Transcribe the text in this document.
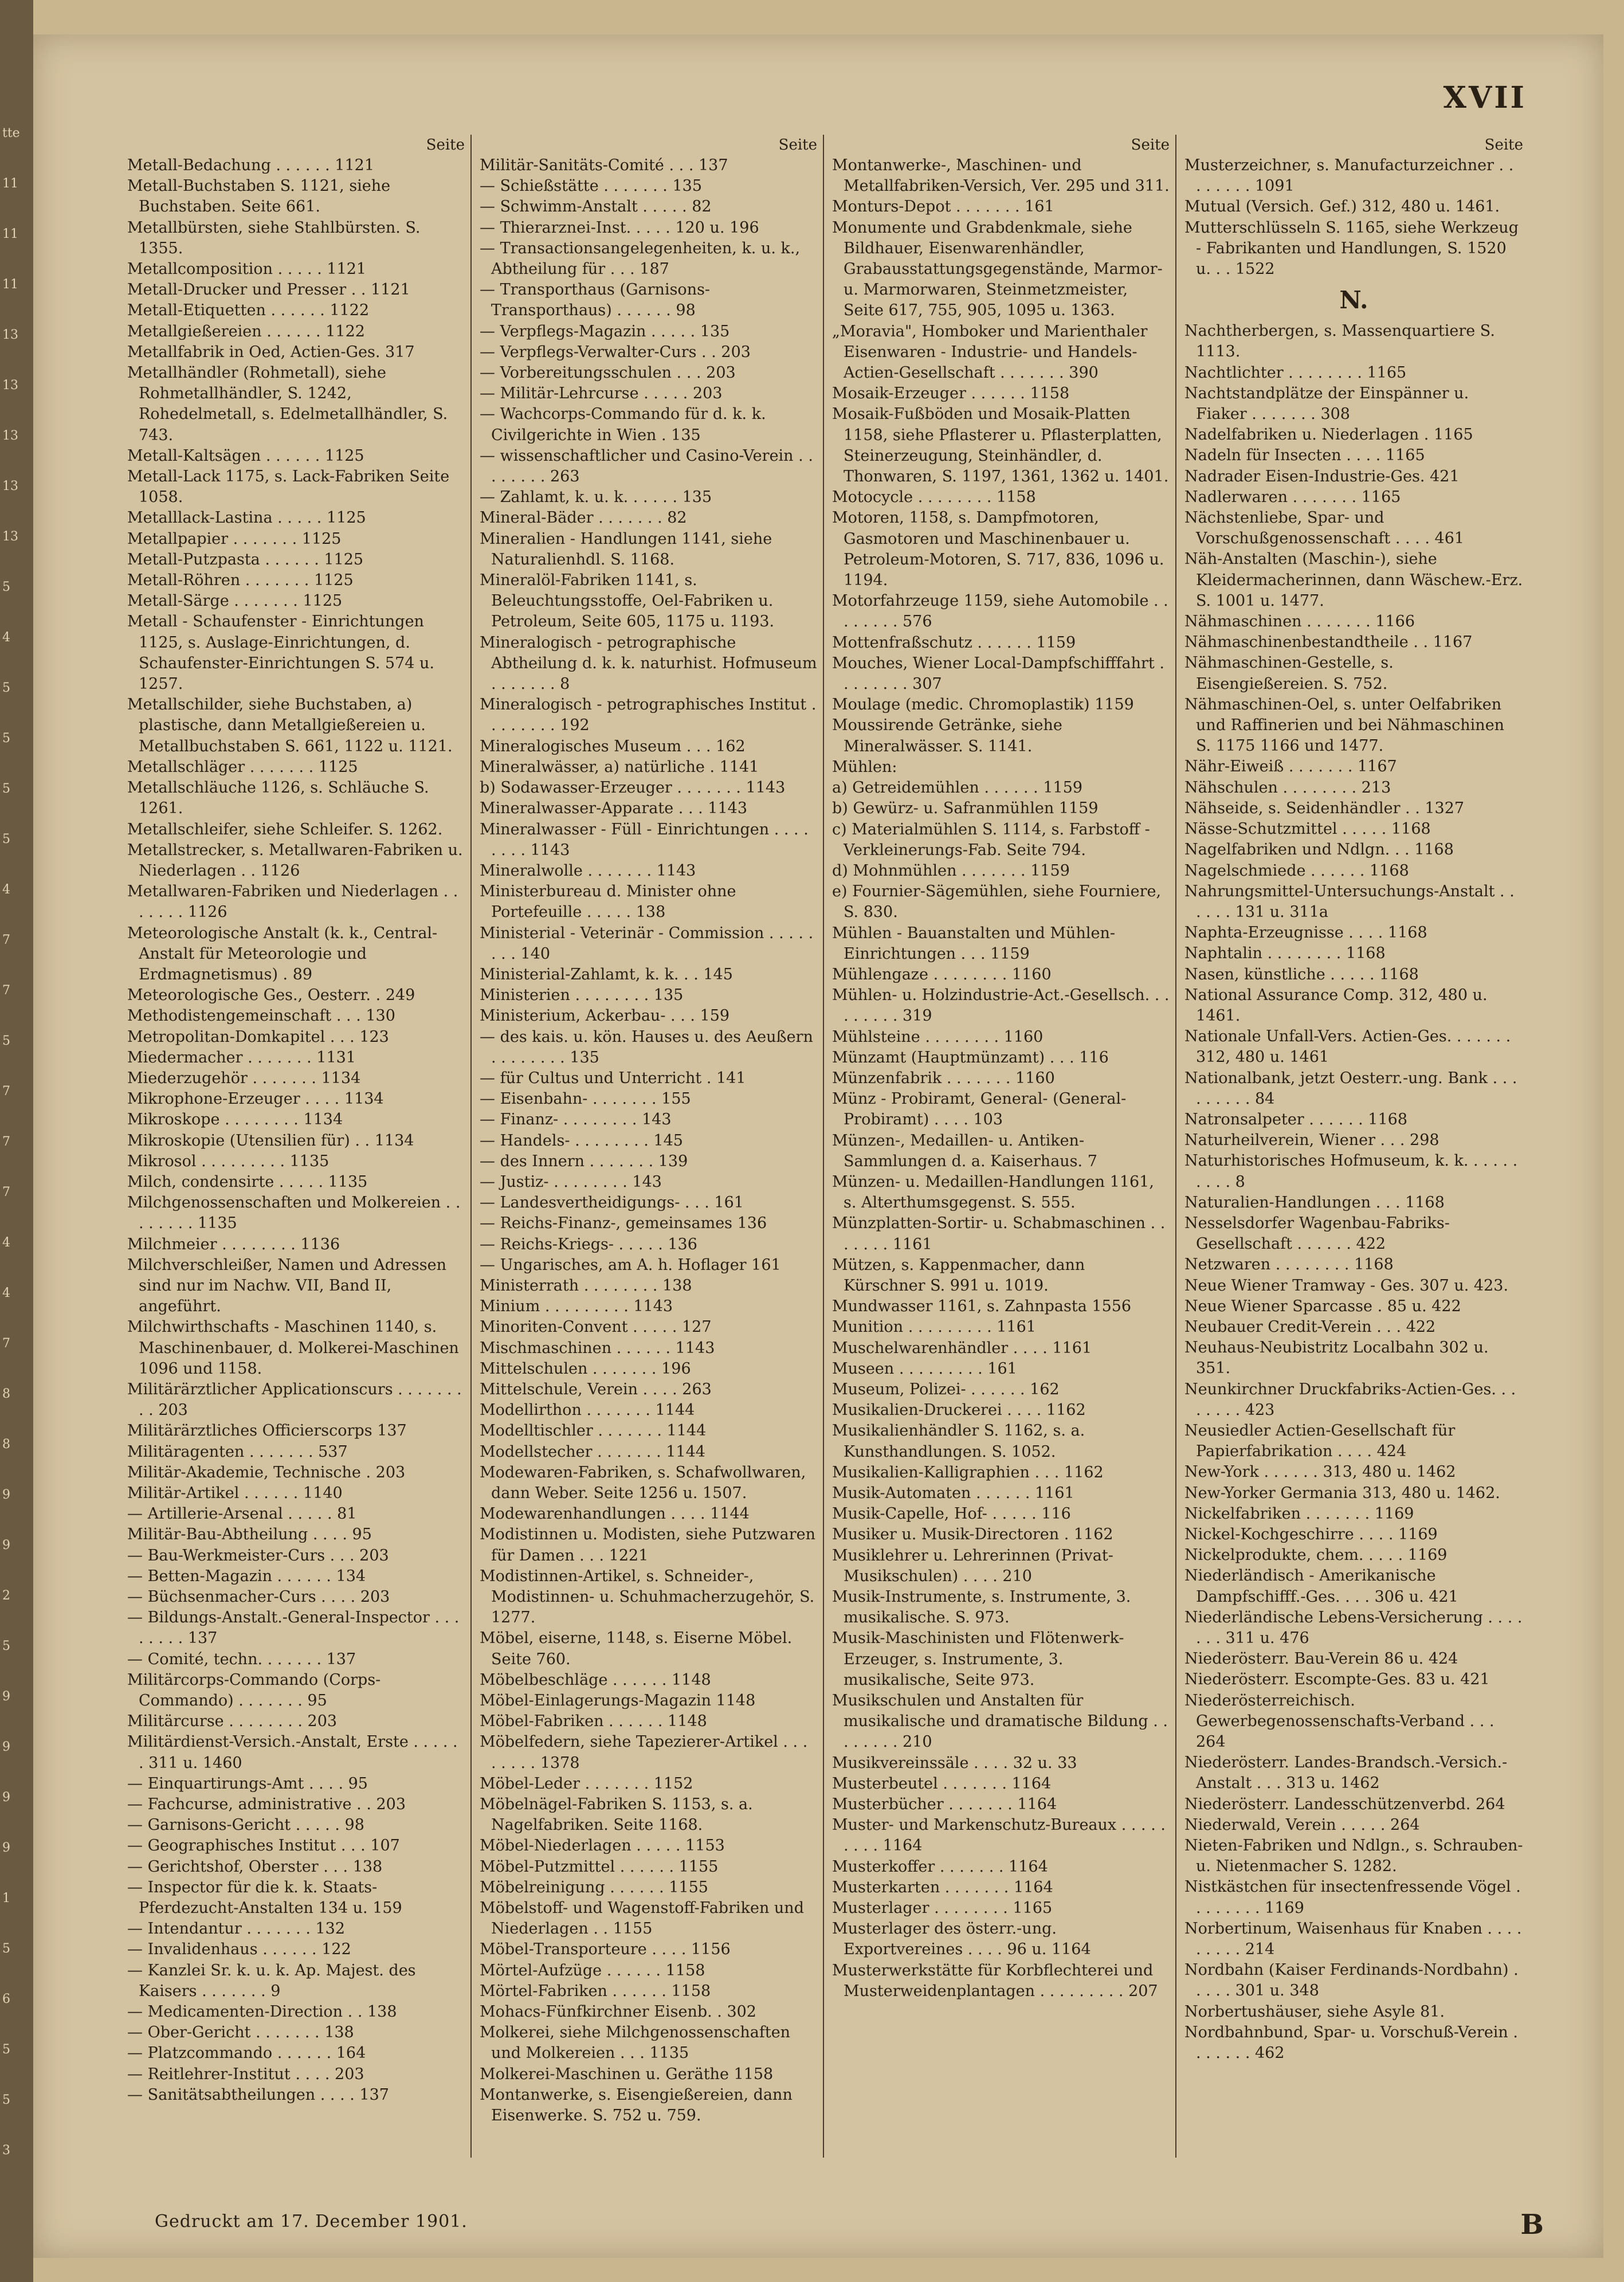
tte
11
11
11
13
13
13
13
13
5
4
5
5
5
5
4
7
7
5
7
7
7
4
4
7
8
8
9
9
2
5
9
9
9
9
1
5
6
5
5
3
XVII
Seite
Metall-Bedachung . . . . . . 1121
Metall-Buchstaben S. 1121, siehe Buchstaben. Seite 661.
Metallbürsten, siehe Stahlbürsten. S. 1355.
Metallcomposition . . . . . 1121
Metall-Drucker und Presser . . 1121
Metall-Etiquetten . . . . . . 1122
Metallgießereien . . . . . . 1122
Metallfabrik in Oed, Actien-Ges. 317
Metallhändler (Rohmetall), siehe Rohmetallhändler, S. 1242, Rohedelmetall, s. Edelmetallhändler, S. 743.
Metall-Kaltsägen . . . . . . 1125
Metall-Lack 1175, s. Lack-Fabriken Seite 1058.
Metalllack-Lastina . . . . . 1125
Metallpapier . . . . . . . 1125
Metall-Putzpasta . . . . . . 1125
Metall-Röhren . . . . . . . 1125
Metall-Särge . . . . . . . 1125
Metall - Schaufenster - Einrichtungen 1125, s. Auslage-Einrichtungen, d. Schaufenster-Einrichtungen S. 574 u. 1257.
Metallschilder, siehe Buchstaben, a) plastische, dann Metallgießereien u. Metallbuchstaben S. 661, 1122 u. 1121.
Metallschläger . . . . . . . 1125
Metallschläuche 1126, s. Schläuche S. 1261.
Metallschleifer, siehe Schleifer. S. 1262.
Metallstrecker, s. Metallwaren-Fabriken u. Niederlagen . . 1126
Metallwaren-Fabriken und Niederlagen . . . . . . . 1126
Meteorologische Anstalt (k. k., Central-Anstalt für Meteorologie und Erdmagnetismus) . 89
Meteorologische Ges., Oesterr. . 249
Methodistengemeinschaft . . . 130
Metropolitan-Domkapitel . . . 123
Miedermacher . . . . . . . 1131
Miederzugehör . . . . . . . 1134
Mikrophone-Erzeuger . . . . 1134
Mikroskope . . . . . . . . 1134
Mikroskopie (Utensilien für) . . 1134
Mikrosol . . . . . . . . . 1135
Milch, condensirte . . . . . 1135
Milchgenossenschaften und Molkereien . . . . . . . . 1135
Milchmeier . . . . . . . . 1136
Milchverschleißer, Namen und Adressen sind nur im Nachw. VII, Band II, angeführt.
Milchwirthschafts - Maschinen 1140, s. Maschinenbauer, d. Molkerei-Maschinen 1096 und 1158.
Militärärztlicher Applicationscurs . . . . . . . . . 203
Militärärztliches Officierscorps 137
Militäragenten . . . . . . . 537
Militär-Akademie, Technische . 203
Militär-Artikel . . . . . . 1140
— Artillerie-Arsenal . . . . . 81
Militär-Bau-Abtheilung . . . . 95
— Bau-Werkmeister-Curs . . . 203
— Betten-Magazin . . . . . . 134
— Büchsenmacher-Curs . . . . 203
— Bildungs-Anstalt.-General-Inspector . . . . . . . . 137
— Comité, techn. . . . . . . 137
Militärcorps-Commando (Corps-Commando) . . . . . . . 95
Militärcurse . . . . . . . . 203
Militärdienst-Versich.-Anstalt, Erste . . . . . . 311 u. 1460
— Einquartirungs-Amt . . . . 95
— Fachcurse, administrative . . 203
— Garnisons-Gericht . . . . . 98
— Geographisches Institut . . . 107
— Gerichtshof, Oberster . . . 138
— Inspector für die k. k. Staats-Pferdezucht-Anstalten 134 u. 159
— Intendantur . . . . . . . 132
— Invalidenhaus . . . . . . 122
— Kanzlei Sr. k. u. k. Ap. Majest. des Kaisers . . . . . . . 9
— Medicamenten-Direction . . 138
— Ober-Gericht . . . . . . . 138
— Platzcommando . . . . . . 164
— Reitlehrer-Institut . . . . 203
— Sanitätsabtheilungen . . . . 137
Seite
Militär-Sanitäts-Comité . . . 137
— Schießstätte . . . . . . . 135
— Schwimm-Anstalt . . . . . 82
— Thierarznei-Inst. . . . . 120 u. 196
— Transactionsangelegenheiten, k. u. k., Abtheilung für . . . 187
— Transporthaus (Garnisons-Transporthaus) . . . . . . 98
— Verpflegs-Magazin . . . . . 135
— Verpflegs-Verwalter-Curs . . 203
— Vorbereitungsschulen . . . 203
— Militär-Lehrcurse . . . . . 203
— Wachcorps-Commando für d. k. k. Civilgerichte in Wien . 135
— wissenschaftlicher und Casino-Verein . . . . . . . . 263
— Zahlamt, k. u. k. . . . . . 135
Mineral-Bäder . . . . . . . 82
Mineralien - Handlungen 1141, siehe Naturalienhdl. S. 1168.
Mineralöl-Fabriken 1141, s. Beleuchtungsstoffe, Oel-Fabriken u. Petroleum, Seite 605, 1175 u. 1193.
Mineralogisch - petrographische Abtheilung d. k. k. naturhist. Hofmuseum . . . . . . . 8
Mineralogisch - petrographisches Institut . . . . . . . . 192
Mineralogisches Museum . . . 162
Mineralwässer, a) natürliche . 1141
b) Sodawasser-Erzeuger . . . . . . . 1143
Mineralwasser-Apparate . . . 1143
Mineralwasser - Füll - Einrichtungen . . . . . . . . 1143
Mineralwolle . . . . . . . 1143
Ministerbureau d. Minister ohne Portefeuille . . . . . 138
Ministerial - Veterinär - Commission . . . . . . . . 140
Ministerial-Zahlamt, k. k. . . 145
Ministerien . . . . . . . . 135
Ministerium, Ackerbau- . . . 159
— des kais. u. kön. Hauses u. des Aeußern . . . . . . . . 135
— für Cultus und Unterricht . 141
— Eisenbahn- . . . . . . . 155
— Finanz- . . . . . . . . 143
— Handels- . . . . . . . . 145
— des Innern . . . . . . . 139
— Justiz- . . . . . . . . 143
— Landesvertheidigungs- . . . 161
— Reichs-Finanz-, gemeinsames 136
— Reichs-Kriegs- . . . . . 136
— Ungarisches, am A. h. Hoflager 161
Ministerrath . . . . . . . . 138
Minium . . . . . . . . . 1143
Minoriten-Convent . . . . . 127
Mischmaschinen . . . . . . 1143
Mittelschulen . . . . . . . 196
Mittelschule, Verein . . . . 263
Modellirthon . . . . . . . 1144
Modelltischler . . . . . . . 1144
Modellstecher . . . . . . . 1144
Modewaren-Fabriken, s. Schafwollwaren, dann Weber. Seite 1256 u. 1507.
Modewarenhandlungen . . . . 1144
Modistinnen u. Modisten, siehe Putzwaren für Damen . . . 1221
Modistinnen-Artikel, s. Schneider-, Modistinnen- u. Schuhmacherzugehör, S. 1277.
Möbel, eiserne, 1148, s. Eiserne Möbel. Seite 760.
Möbelbeschläge . . . . . . 1148
Möbel-Einlagerungs-Magazin 1148
Möbel-Fabriken . . . . . . 1148
Möbelfedern, siehe Tapezierer-Artikel . . . . . . . . 1378
Möbel-Leder . . . . . . . 1152
Möbelnägel-Fabriken S. 1153, s. a. Nagelfabriken. Seite 1168.
Möbel-Niederlagen . . . . . 1153
Möbel-Putzmittel . . . . . . 1155
Möbelreinigung . . . . . . 1155
Möbelstoff- und Wagenstoff-Fabriken und Niederlagen . . 1155
Möbel-Transporteure . . . . 1156
Mörtel-Aufzüge . . . . . . 1158
Mörtel-Fabriken . . . . . . 1158
Mohacs-Fünfkirchner Eisenb. . 302
Molkerei, siehe Milchgenossenschaften und Molkereien . . . 1135
Molkerei-Maschinen u. Geräthe 1158
Montanwerke, s. Eisengießereien, dann Eisenwerke. S. 752 u. 759.
Seite
Montanwerke-, Maschinen- und Metallfabriken-Versich, Ver. 295 und 311.
Monturs-Depot . . . . . . . 161
Monumente und Grabdenkmale, siehe Bildhauer, Eisenwarenhändler, Grabausstattungsgegenstände, Marmor- u. Marmorwaren, Steinmetzmeister, Seite 617, 755, 905, 1095 u. 1363.
„Moravia", Homboker und Marienthaler Eisenwaren - Industrie- und Handels-Actien-Gesellschaft . . . . . . . 390
Mosaik-Erzeuger . . . . . . 1158
Mosaik-Fußböden und Mosaik-Platten 1158, siehe Pflasterer u. Pflasterplatten, Steinerzeugung, Steinhändler, d. Thonwaren, S. 1197, 1361, 1362 u. 1401.
Motocycle . . . . . . . . 1158
Motoren, 1158, s. Dampfmotoren, Gasmotoren und Maschinenbauer u. Petroleum-Motoren, S. 717, 836, 1096 u. 1194.
Motorfahrzeuge 1159, siehe Automobile . . . . . . . . 576
Mottenfraßschutz . . . . . . 1159
Mouches, Wiener Local-Dampfschifffahrt . . . . . . . . 307
Moulage (medic. Chromoplastik) 1159
Moussirende Getränke, siehe Mineralwässer. S. 1141.
Mühlen:
a) Getreidemühlen . . . . . . 1159
b) Gewürz- u. Safranmühlen 1159
c) Materialmühlen S. 1114, s. Farbstoff - Verkleinerungs-Fab. Seite 794.
d) Mohnmühlen . . . . . . . 1159
e) Fournier-Sägemühlen, siehe Fourniere, S. 830.
Mühlen - Bauanstalten und Mühlen-Einrichtungen . . . 1159
Mühlengaze . . . . . . . . 1160
Mühlen- u. Holzindustrie-Act.-Gesellsch. . . . . . . . . 319
Mühlsteine . . . . . . . . 1160
Münzamt (Hauptmünzamt) . . . 116
Münzenfabrik . . . . . . . 1160
Münz - Probiramt, General- (General-Probiramt) . . . . 103
Münzen-, Medaillen- u. Antiken-Sammlungen d. a. Kaiserhaus. 7
Münzen- u. Medaillen-Handlungen 1161, s. Alterthumsgegenst. S. 555.
Münzplatten-Sortir- u. Schabmaschinen . . . . . . . 1161
Mützen, s. Kappenmacher, dann Kürschner S. 991 u. 1019.
Mundwasser 1161, s. Zahnpasta 1556
Munition . . . . . . . . . 1161
Muschelwarenhändler . . . . 1161
Museen . . . . . . . . . 161
Museum, Polizei- . . . . . . 162
Musikalien-Druckerei . . . . 1162
Musikalienhändler S. 1162, s. a. Kunsthandlungen. S. 1052.
Musikalien-Kalligraphien . . . 1162
Musik-Automaten . . . . . . 1161
Musik-Capelle, Hof- . . . . . 116
Musiker u. Musik-Directoren . 1162
Musiklehrer u. Lehrerinnen (Privat-Musikschulen) . . . . 210
Musik-Instrumente, s. Instrumente, 3. musikalische. S. 973.
Musik-Maschinisten und Flötenwerk-Erzeuger, s. Instrumente, 3. musikalische, Seite 973.
Musikschulen und Anstalten für musikalische und dramatische Bildung . . . . . . . . 210
Musikvereinssäle . . . . 32 u. 33
Musterbeutel . . . . . . . 1164
Musterbücher . . . . . . . 1164
Muster- und Markenschutz-Bureaux . . . . . . . . . 1164
Musterkoffer . . . . . . . 1164
Musterkarten . . . . . . . 1164
Musterlager . . . . . . . . 1165
Musterlager des österr.-ung. Exportvereines . . . . 96 u. 1164
Musterwerkstätte für Korbflechterei und Musterweidenplantagen . . . . . . . . . 207
Seite
Musterzeichner, s. Manufacturzeichner . . . . . . . . 1091
Mutual (Versich. Gef.) 312, 480 u. 1461.
Mutterschlüsseln S. 1165, siehe Werkzeug - Fabrikanten und Handlungen, S. 1520 u. . . 1522
N.
Nachtherbergen, s. Massenquartiere S. 1113.
Nachtlichter . . . . . . . . 1165
Nachtstandplätze der Einspänner u. Fiaker . . . . . . . 308
Nadelfabriken u. Niederlagen . 1165
Nadeln für Insecten . . . . 1165
Nadrader Eisen-Industrie-Ges. 421
Nadlerwaren . . . . . . . 1165
Nächstenliebe, Spar- und Vorschußgenossenschaft . . . . 461
Näh-Anstalten (Maschin-), siehe Kleidermacherinnen, dann Wäschew.-Erz. S. 1001 u. 1477.
Nähmaschinen . . . . . . . 1166
Nähmaschinenbestandtheile . . 1167
Nähmaschinen-Gestelle, s. Eisengießereien. S. 752.
Nähmaschinen-Oel, s. unter Oelfabriken und Raffinerien und bei Nähmaschinen S. 1175 1166 und 1477.
Nähr-Eiweiß . . . . . . . 1167
Nähschulen . . . . . . . . 213
Nähseide, s. Seidenhändler . . 1327
Nässe-Schutzmittel . . . . . 1168
Nagelfabriken und Ndlgn. . . 1168
Nagelschmiede . . . . . . 1168
Nahrungsmittel-Untersuchungs-Anstalt . . . . . . 131 u. 311a
Naphta-Erzeugnisse . . . . 1168
Naphtalin . . . . . . . . 1168
Nasen, künstliche . . . . . 1168
National Assurance Comp. 312, 480 u. 1461.
Nationale Unfall-Vers. Actien-Ges. . . . . . . 312, 480 u. 1461
Nationalbank, jetzt Oesterr.-ung. Bank . . . . . . . . . 84
Natronsalpeter . . . . . . 1168
Naturheilverein, Wiener . . . 298
Naturhistorisches Hofmuseum, k. k. . . . . . . . . . 8
Naturalien-Handlungen . . . 1168
Nesselsdorfer Wagenbau-Fabriks-Gesellschaft . . . . . . 422
Netzwaren . . . . . . . . 1168
Neue Wiener Tramway - Ges. 307 u. 423.
Neue Wiener Sparcasse . 85 u. 422
Neubauer Credit-Verein . . . 422
Neuhaus-Neubistritz Localbahn 302 u. 351.
Neunkirchner Druckfabriks-Actien-Ges. . . . . . . . 423
Neusiedler Actien-Gesellschaft für Papierfabrikation . . . . 424
New-York . . . . . . 313, 480 u. 1462
New-Yorker Germania 313, 480 u. 1462.
Nickelfabriken . . . . . . . 1169
Nickel-Kochgeschirre . . . . 1169
Nickelprodukte, chem. . . . . 1169
Niederländisch - Amerikanische Dampfschifff.-Ges. . . . 306 u. 421
Niederländische Lebens-Versicherung . . . . . . . 311 u. 476
Niederösterr. Bau-Verein 86 u. 424
Niederösterr. Escompte-Ges. 83 u. 421
Niederösterreichisch. Gewerbegenossenschafts-Verband . . . 264
Niederösterr. Landes-Brandsch.-Versich.-Anstalt . . . 313 u. 1462
Niederösterr. Landesschützenverbd. 264
Niederwald, Verein . . . . . 264
Nieten-Fabriken und Ndlgn., s. Schrauben- u. Nietenmacher S. 1282.
Nistkästchen für insectenfressende Vögel . . . . . . . . 1169
Norbertinum, Waisenhaus für Knaben . . . . . . . . . 214
Nordbahn (Kaiser Ferdinands-Nordbahn) . . . . . 301 u. 348
Norbertushäuser, siehe Asyle 81.
Nordbahnbund, Spar- u. Vorschuß-Verein . . . . . . . 462
Gedruckt am 17. December 1901.	B
